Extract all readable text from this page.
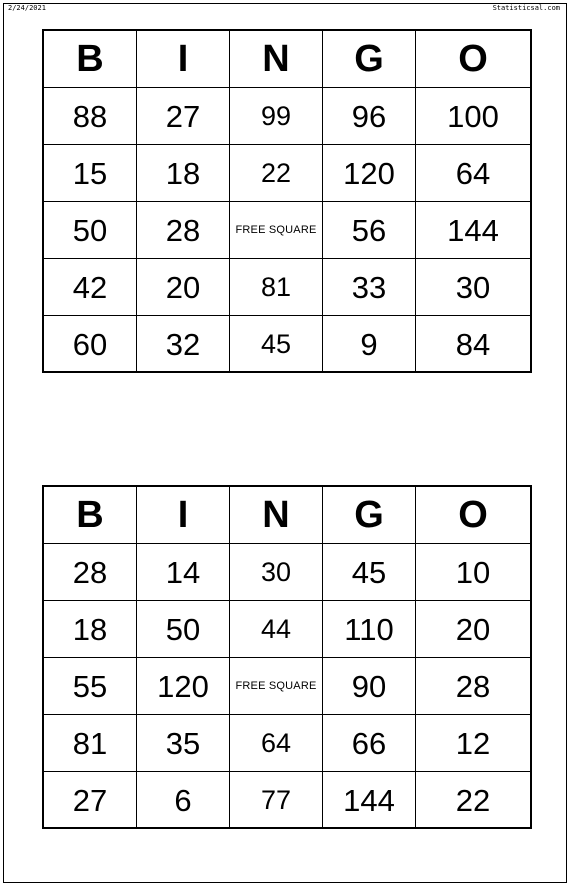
2/24/2021	Statisticsal.com
B	I	N	G	O
88	27	99	96	100
15	18	22	120	64
50	28	FREE SQUARE	56	144
42	20	81	33	30
60	32	45	9	84
B	I	N	G	O
28	14	30	45	10
18	50	44	110	20
55	120	FREE SQUARE	90	28
81	35	64	66	12
27	6	77	144	22
